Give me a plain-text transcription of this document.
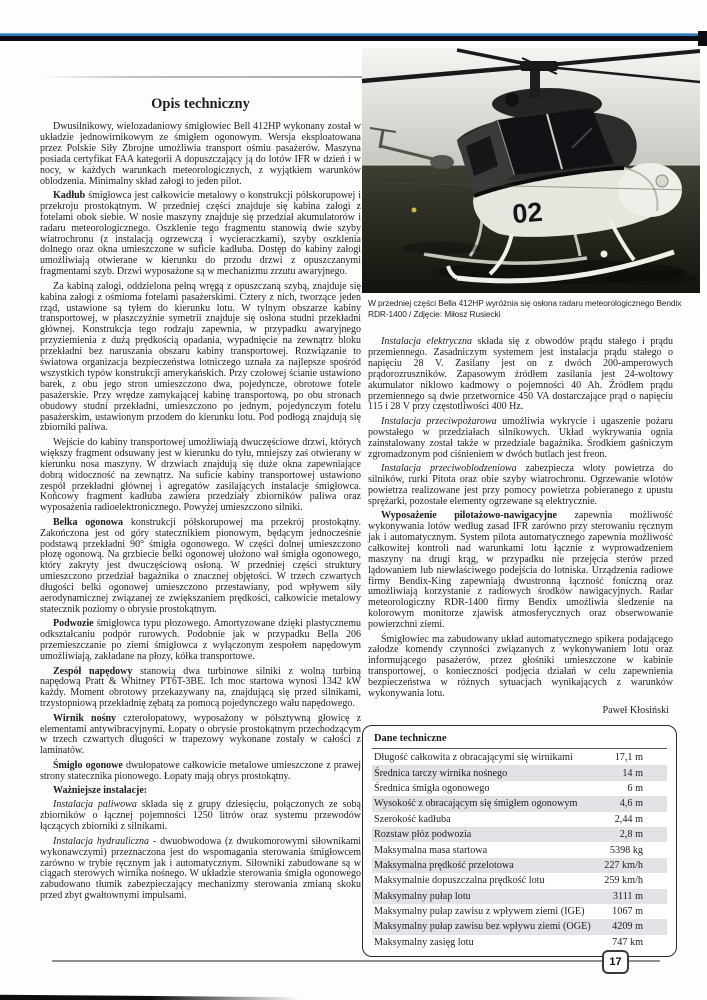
02
W przedniej części Bella 412HP wyróżnia się osłona radaru meteorologicznego Bendix RDR-1400 / Zdjęcie: Miłosz Rusiecki
Opis techniczny

Dwusilnikowy, wielozadaniowy śmigłowiec Bell 412HP wykonany został w układzie jednowirnikowym ze śmigłem ogonowym. Wersja eksploatowana przez Polskie Siły Zbrojne umożliwia transport ośmiu pasażerów. Maszyna posiada certyfikat FAA kategorii A dopuszczający ją do lotów IFR w dzień i w nocy, w każdych warunkach meteorologicznych, z wyjątkiem warunków oblodzenia. Minimalny skład załogi to jeden pilot.

Kadłub śmigłowca jest całkowicie metalowy o konstrukcji półskorupowej i przekroju prostokątnym. W przedniej części znajduje się kabina załogi z fotelami obok siebie. W nosie maszyny znajduje się przedział akumulatorów i radaru meteorologicznego. Oszklenie tego fragmentu stanowią dwie szyby wiatrochronu (z instalacją ogrzewczą i wycieraczkami), szyby oszklenia dolnego oraz okna umieszczone w suficie kadłuba. Dostęp do kabiny załogi umożliwiają otwierane w kierunku do przodu drzwi z opuszczanymi fragmentami szyb. Drzwi wyposażone są w mechanizmu zrzutu awaryjnego.

Za kabiną załogi, oddzielona pełną wręgą z opuszczaną szybą, znajduje się kabina załogi z ośmioma fotelami pasażerskimi. Cztery z nich, tworzące jeden rząd, ustawione są tyłem do kierunku lotu. W tylnym obszarze kabiny transportowej, w płaszczyźnie symetrii znajduje się osłona studni przekładni głównej. Konstrukcja tego rodzaju zapewnia, w przypadku awaryjnego przyziemienia z dużą prędkością opadania, wypadnięcie na zewnątrz bloku przekładni bez naruszania obszaru kabiny transportowej. Rozwiązanie to światowa organizacja bezpieczeństwa lotniczego uznała za najlepsze spośród wszystkich typów konstrukcji amerykańskich. Przy czołowej ścianie ustawiono barek, z obu jego stron umieszczono dwa, pojedyncze, obrotowe fotele pasażerskie. Przy wrędze zamykającej kabinę transportową, po obu stronach obudowy studni przekładni, umieszczono po jednym, pojedynczym fotelu pasażerskim, ustawionym przodem do kierunku lotu. Pod podłogą znajdują się zbiorniki paliwa.

Wejście do kabiny transportowej umożliwiają dwuczęściowe drzwi, których większy fragment odsuwany jest w kierunku do tyłu, mniejszy zaś otwierany w kierunku nosa maszyny. W drzwiach znajdują się duże okna zapewniające dobrą widoczność na zewnątrz. Na suficie kabiny transportowej ustawiono zespół przekładni głównej i agregatów zasilających instalacje śmigłowca. Końcowy fragment kadłuba zawiera przedziały zbiorników paliwa oraz wyposażenia radioelektronicznego. Powyżej umieszczono silniki.

Belka ogonowa konstrukcji półskorupowej ma przekrój prostokątny. Zakończona jest od góry statecznikiem pionowym, będącym jednocześnie podstawą przekładni 90° śmigła ogonowego. W części dolnej umieszczono płozę ogonową. Na grzbiecie belki ogonowej ułożono wał śmigła ogonowego, który zakryty jest dwuczęściową osłoną. W przedniej części struktury umieszczono przedział bagażnika o znacznej objętości. W trzech czwartych długości belki ogonowej umieszczono przestawiany, pod wpływem siły aerodynamicznej związanej ze zwiększaniem prędkości, całkowicie metalowy statecznik poziomy o obrysie prostokątnym.

Podwozie śmigłowca typu płozowego. Amortyzowane dzięki plastycznemu odkształcaniu podpór rurowych. Podobnie jak w przypadku Bella 206 przemieszczanie po ziemi śmigłowca z wyłączonym zespołem napędowym umożliwiają, zakładane na płozy, kółka transportowe.

Zespół napędowy stanowią dwa turbinowe silniki z wolną turbiną napędową Pratt & Whitney PT6T-3BE. Ich moc startowa wynosi 1342 kW każdy. Moment obrotowy przekazywany na, znajdującą się przed silnikami, trzystopniową przekładnię zębatą za pomocą pojedynczego wału napędowego.

Wirnik nośny czterołopatowy, wyposażony w półsztywną głowicę z elementami antywibracyjnymi. Łopaty o obrysie prostokątnym przechodzącym w trzech czwartych długości w trapezowy wykonane zostały w całości z laminatów.

Śmigło ogonowe dwułopatowe całkowicie metalowe umieszczone z prawej strony statecznika pionowego. Łopaty mają obrys prostokątny.

Ważniejsze instalacje:

Instalacja paliwowa składa się z grupy dziesięciu, połączonych ze sobą zbiorników o łącznej pojemności 1250 litrów oraz systemu przewodów łączących zbiorniki z silnikami.

Instalacja hydrauliczna - dwuobwodowa (z dwukomorowymi siłownikami wykonawczymi) przeznaczona jest do wspomagania sterowania śmigłowcem zarówno w trybie ręcznym jak i automatycznym. Siłowniki zabudowane są w ciągach sterowych wirnika nośnego. W układzie sterowania śmigła ogonowego zabudowano tłumik zabezpieczający mechanizmy sterowania zmianą skoku przed zbyt gwałtownymi impulsami.

Instalacja elektryczna składa się z obwodów prądu stałego i prądu przemiennego. Zasadniczym systemem jest instalacja prądu stałego o napięciu 28 V. Zasilany jest on z dwóch 200-amperowych prądorozruszników. Zapasowym źródłem zasilania jest 24-woltowy akumulator niklowo kadmowy o pojemności 40 Ah. Źródłem prądu przemiennego są dwie przetwornice 450 VA dostarczające prąd o napięciu 115 i 28 V przy częstotliwości 400 Hz.

Instalacja przeciwpożarowa umożliwia wykrycie i ugaszenie pożaru powstałego w przedziałach silnikowych. Układ wykrywania ognia zainstalowany został także w przedziale bagażnika. Środkiem gaśniczym zgromadzonym pod ciśnieniem w dwóch butlach jest freon.

Instalacja przeciwoblodzeniowa zabezpiecza wloty powietrza do silników, rurki Pitota oraz obie szyby wiatrochronu. Ogrzewanie wlotów powietrza realizowane jest przy pomocy powietrza pobieranego z upustu sprężarki, pozostałe elementy ogrzewane są elektrycznie.

Wyposażenie pilotażowo-nawigacyjne zapewnia możliwość wykonywania lotów według zasad IFR zarówno przy sterowaniu ręcznym jak i automatycznym. System pilota automatycznego zapewnia możliwość całkowitej kontroli nad warunkami lotu łącznie z wyprowadzeniem maszyny na drugi krąg, w przypadku nie przejęcia sterów przed lądowaniem lub niewłaściwego podejścia do lotniska. Urządzenia radiowe firmy Bendix-King zapewniają dwustronną łączność foniczną oraz umożliwiają korzystanie z radiowych środków nawigacyjnych. Radar meteorologiczny RDR-1400 firmy Bendix umożliwia śledzenie na kolorowym monitorze zjawisk atmosferycznych oraz obserwowanie powierzchni ziemi.

Śmigłowiec ma zabudowany układ automatycznego spikera podającego załodze komendy czynności związanych z wykonywaniem lotu oraz informującego pasażerów, przez głośniki umieszczone w kabinie transportowej, o konieczności podjęcia działań w celu zapewnienia bezpieczeństwa w różnych sytuacjach wynikających z warunków wykonywania lotu.

Paweł Kłosiński
Dane techniczne
Długość całkowita z obracającymi się wirnikami	17,1 m
Średnica tarczy wirnika nośnego	14 m
Średnica śmigła ogonowego	6 m
Wysokość z obracającym się śmigłem ogonowym	4,6 m
Szerokość kadłuba	2,44 m
Rozstaw płóz podwozia	2,8 m
Maksymalna masa startowa	5398 kg
Maksymalna prędkość przelotowa	227 km/h
Maksymalnie dopuszczalna prędkość lotu	259 km/h
Maksymalny pułap lotu	3111 m
Maksymalny pułap zawisu z wpływem ziemi (IGE)	1067 m
Maksymalny pułap zawisu bez wpływu ziemi (OGE) 4209 m
Maksymalny zasięg lotu	747 km
17
